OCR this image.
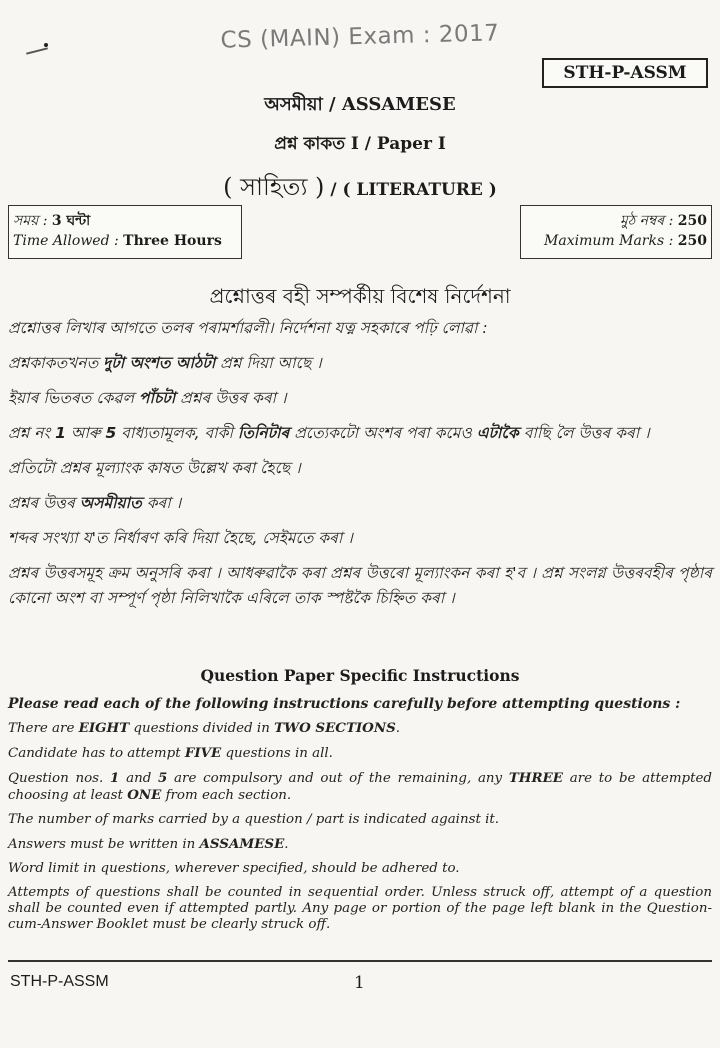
CS (MAIN) Exam : 2017
STH-P-ASSM
অসমীয়া / ASSAMESE
প্ৰশ্ন কাকত I / Paper I
( সাহিত্য ) / ( LITERATURE )
সময় : 3 ঘন্টা
Time Allowed : Three Hours
মুঠ নম্বৰ : 250
Maximum Marks : 250
প্ৰশ্নোত্তৰ বহী সম্পৰ্কীয় বিশেষ নিৰ্দেশনা

প্ৰশ্নোত্তৰ লিখাৰ আগতে তলৰ পৰামৰ্শাৱলী। নিৰ্দেশনা যত্ন সহকাৰে পঢ়ি লোৱা :

প্ৰশ্নকাকতখনত দুটা অংশত আঠটা প্ৰশ্ন দিয়া আছে ।

ইয়াৰ ভিতৰত কেৱল পাঁচটা প্ৰশ্নৰ উত্তৰ কৰা ।

প্ৰশ্ন নং 1 আৰু 5 বাধ্যতামূলক, বাকী তিনিটাৰ প্ৰত্যেকটো অংশৰ পৰা কমেও এটাকৈ বাছি লৈ উত্তৰ কৰা ।

প্ৰতিটো প্ৰশ্নৰ মূল্যাংক কাষত উল্লেখ কৰা হৈছে ।

প্ৰশ্নৰ উত্তৰ অসমীয়াত কৰা ।

শব্দৰ সংখ্যা য'ত নিৰ্ধাৰণ কৰি দিয়া হৈছে, সেইমতে কৰা ।

প্ৰশ্নৰ উত্তৰসমূহ ক্ৰম অনুসৰি কৰা । আধৰুৱাকৈ কৰা প্ৰশ্নৰ উত্তৰো মূল্যাংকন কৰা হ'ব । প্ৰশ্ন সংলগ্ন উত্তৰবহীৰ পৃষ্ঠাৰ কোনো অংশ বা সম্পূৰ্ণ পৃষ্ঠা নিলিখাকৈ এৰিলে তাক স্পষ্টকৈ চিহ্নিত কৰা ।

Question Paper Specific Instructions

Please read each of the following instructions carefully before attempting questions :

There are EIGHT questions divided in TWO SECTIONS.

Candidate has to attempt FIVE questions in all.

Question nos. 1 and 5 are compulsory and out of the remaining, any THREE are to be attempted choosing at least ONE from each section.

The number of marks carried by a question / part is indicated against it.

Answers must be written in ASSAMESE.

Word limit in questions, wherever specified, should be adhered to.

Attempts of questions shall be counted in sequential order. Unless struck off, attempt of a question shall be counted even if attempted partly. Any page or portion of the page left blank in the Question-cum-Answer Booklet must be clearly struck off.

STH-P-ASSM	1
